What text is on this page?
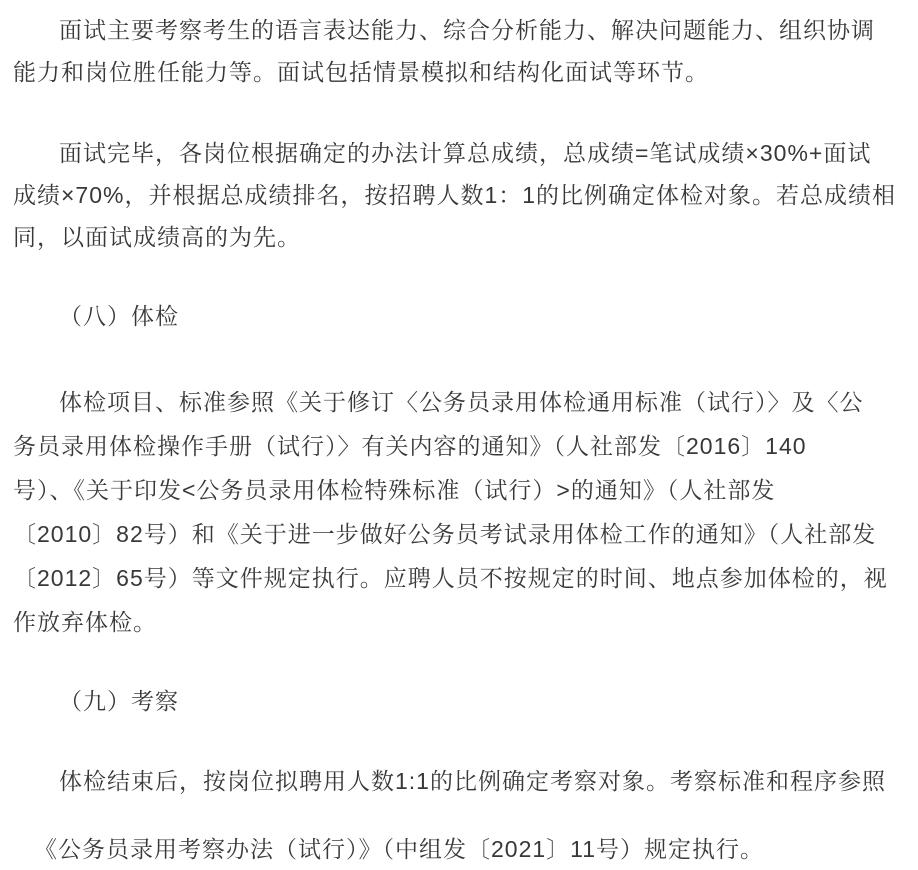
面试主要考察考生的语言表达能力、综合分析能力、解决问题能力、组织协调
能力和岗位胜任能力等。面试包括情景模拟和结构化面试等环节。
面试完毕，各岗位根据确定的办法计算总成绩，总成绩=笔试成绩×30%+面试
成绩×70%，并根据总成绩排名，按招聘人数1：1的比例确定体检对象。若总成绩相
同，以面试成绩高的为先。
（八）体检
体检项目、标准参照《关于修订〈公务员录用体检通用标准（试行）〉及〈公
务员录用体检操作手册（试行）〉有关内容的通知》（人社部发〔2016〕140
号）、《关于印发<公务员录用体检特殊标准（试行）>的通知》（人社部发
〔2010〕82号）和《关于进一步做好公务员考试录用体检工作的通知》（人社部发
〔2012〕65号）等文件规定执行。应聘人员不按规定的时间、地点参加体检的，视
作放弃体检。
（九）考察
体检结束后，按岗位拟聘用人数1:1的比例确定考察对象。考察标准和程序参照
《公务员录用考察办法（试行）》（中组发〔2021〕11号）规定执行。
